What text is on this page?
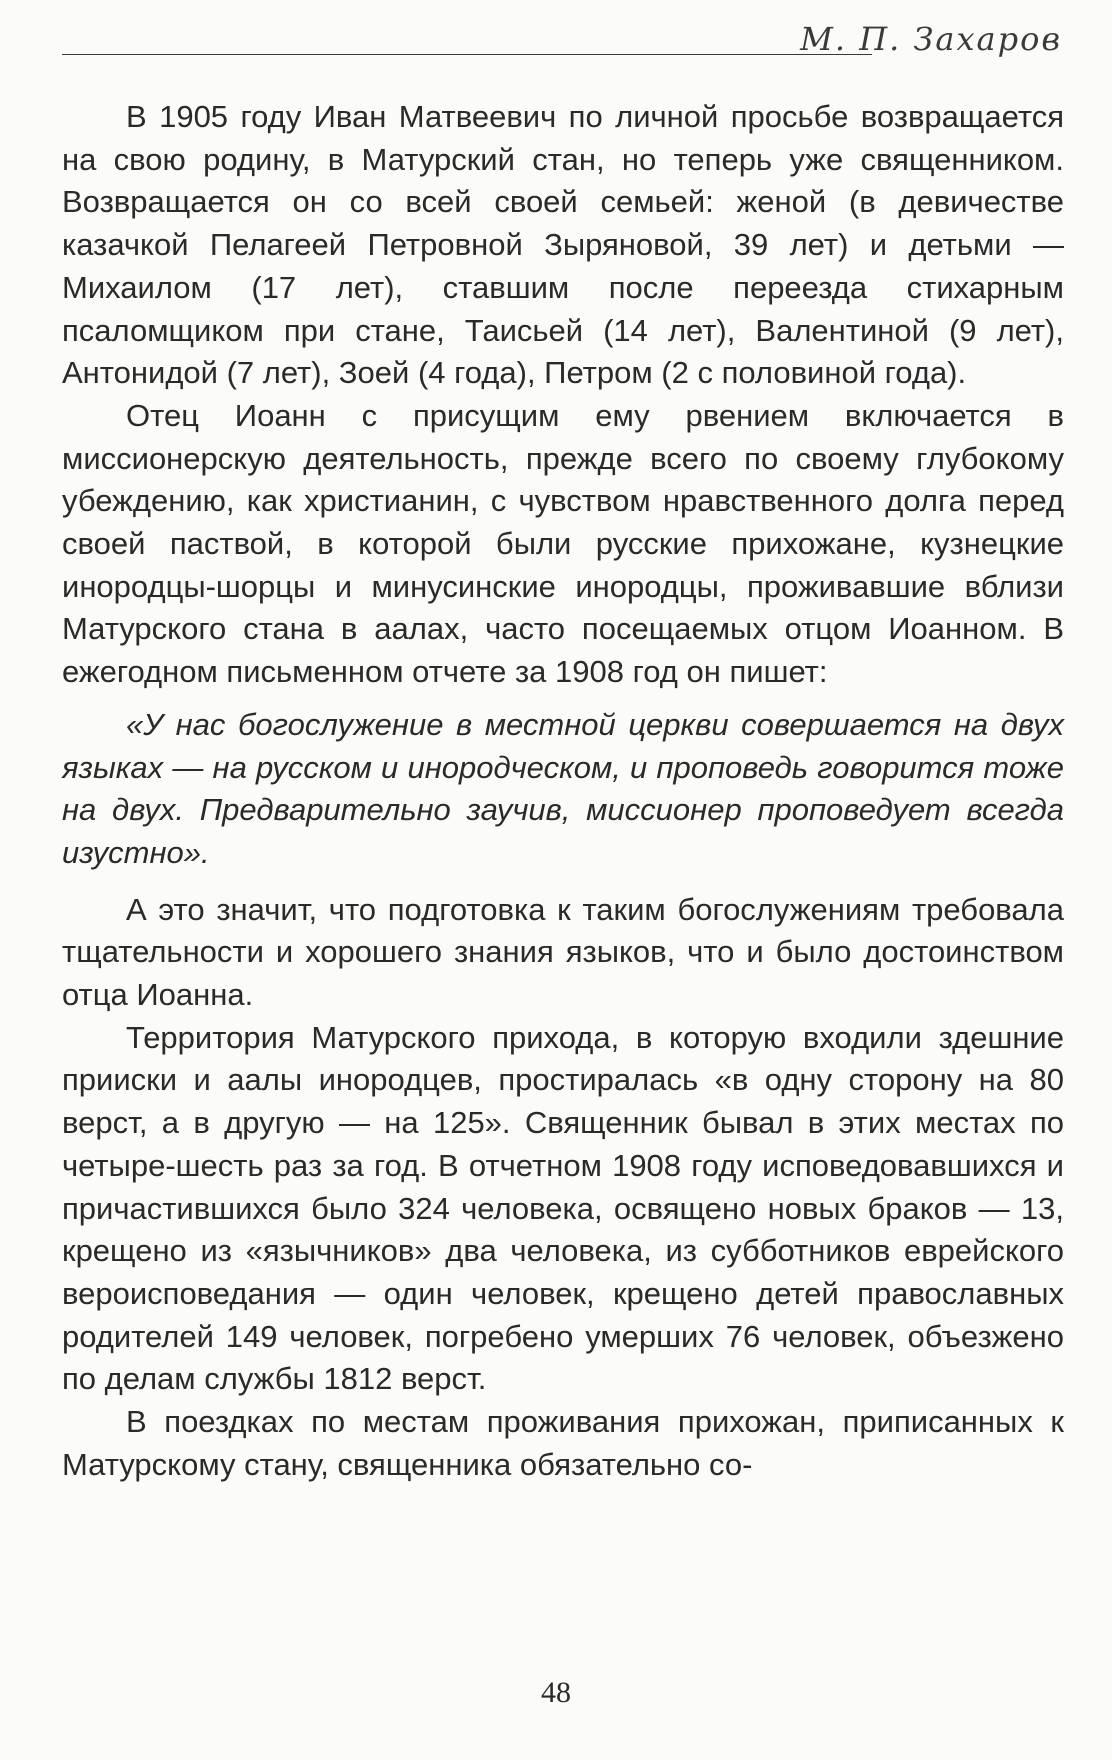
М. П. Захаров

В 1905 году Иван Матвеевич по личной просьбе возвращается на свою родину, в Матурский стан, но теперь уже священником. Возвращается он со всей своей семьей: женой (в девичестве казачкой Пелагеей Петровной Зыряновой, 39 лет) и детьми — Михаилом (17 лет), ставшим после переезда стихарным псаломщиком при стане, Таисьей (14 лет), Валентиной (9 лет), Антонидой (7 лет), Зоей (4 года), Петром (2 с половиной года).

Отец Иоанн с присущим ему рвением включается в миссионерскую деятельность, прежде всего по своему глубокому убеждению, как христианин, с чувством нравственного долга перед своей паствой, в которой были русские прихожане, кузнецкие инородцы-шорцы и минусинские инородцы, проживавшие вблизи Матурского стана в аалах, часто посещаемых отцом Иоанном. В ежегодном письменном отчете за 1908 год он пишет:

«У нас богослужение в местной церкви совершается на двух языках — на русском и инородческом, и проповедь говорится тоже на двух. Предварительно заучив, миссионер проповедует всегда изустно».

А это значит, что подготовка к таким богослужениям требовала тщательности и хорошего знания языков, что и было достоинством отца Иоанна.

Территория Матурского прихода, в которую входили здешние прииски и аалы инородцев, простиралась «в одну сторону на 80 верст, а в другую — на 125». Священник бывал в этих местах по четыре-шесть раз за год. В отчетном 1908 году исповедовавшихся и причастившихся было 324 человека, освящено новых браков — 13, крещено из «язычников» два человека, из субботников еврейского вероисповедания — один человек, крещено детей православных родителей 149 человек, погребено умерших 76 человек, объезжено по делам службы 1812 верст.

В поездках по местам проживания прихожан, приписанных к Матурскому стану, священника обязательно со-

48
